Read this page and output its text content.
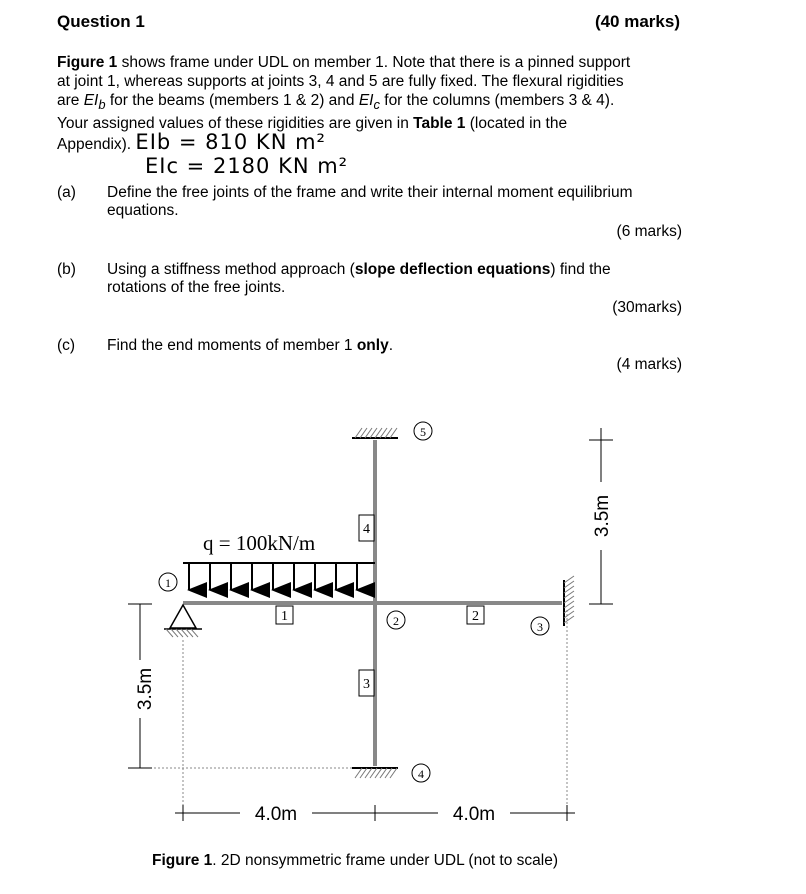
Question 1	(40 marks)
Figure 1 shows frame under UDL on member 1. Note that there is a pinned support
at joint 1, whereas supports at joints 3, 4 and 5 are fully fixed. The flexural rigidities
are $EI_b$ for the beams (members 1 & 2) and $EI_c$ for the columns (members 3 & 4).
Your assigned values of these rigidities are given in Table 1 (located in the
Appendix). EIb = 810 KN m²
EIc = 2180 KN m²
(a) Define the free joints of the frame and write their internal moment equilibrium
equations.
(6 marks)
(b) Using a stiffness method approach (slope deflection equations) find the
rotations of the free joints.
(30marks)
(c) Find the end moments of member 1 only.
(4 marks)
q = 100kN/m
1
2	3
4
5
1	2
3
4
3.5m
3.5m
4.0m	4.0m
Figure 1. 2D nonsymmetric frame under UDL (not to scale)
